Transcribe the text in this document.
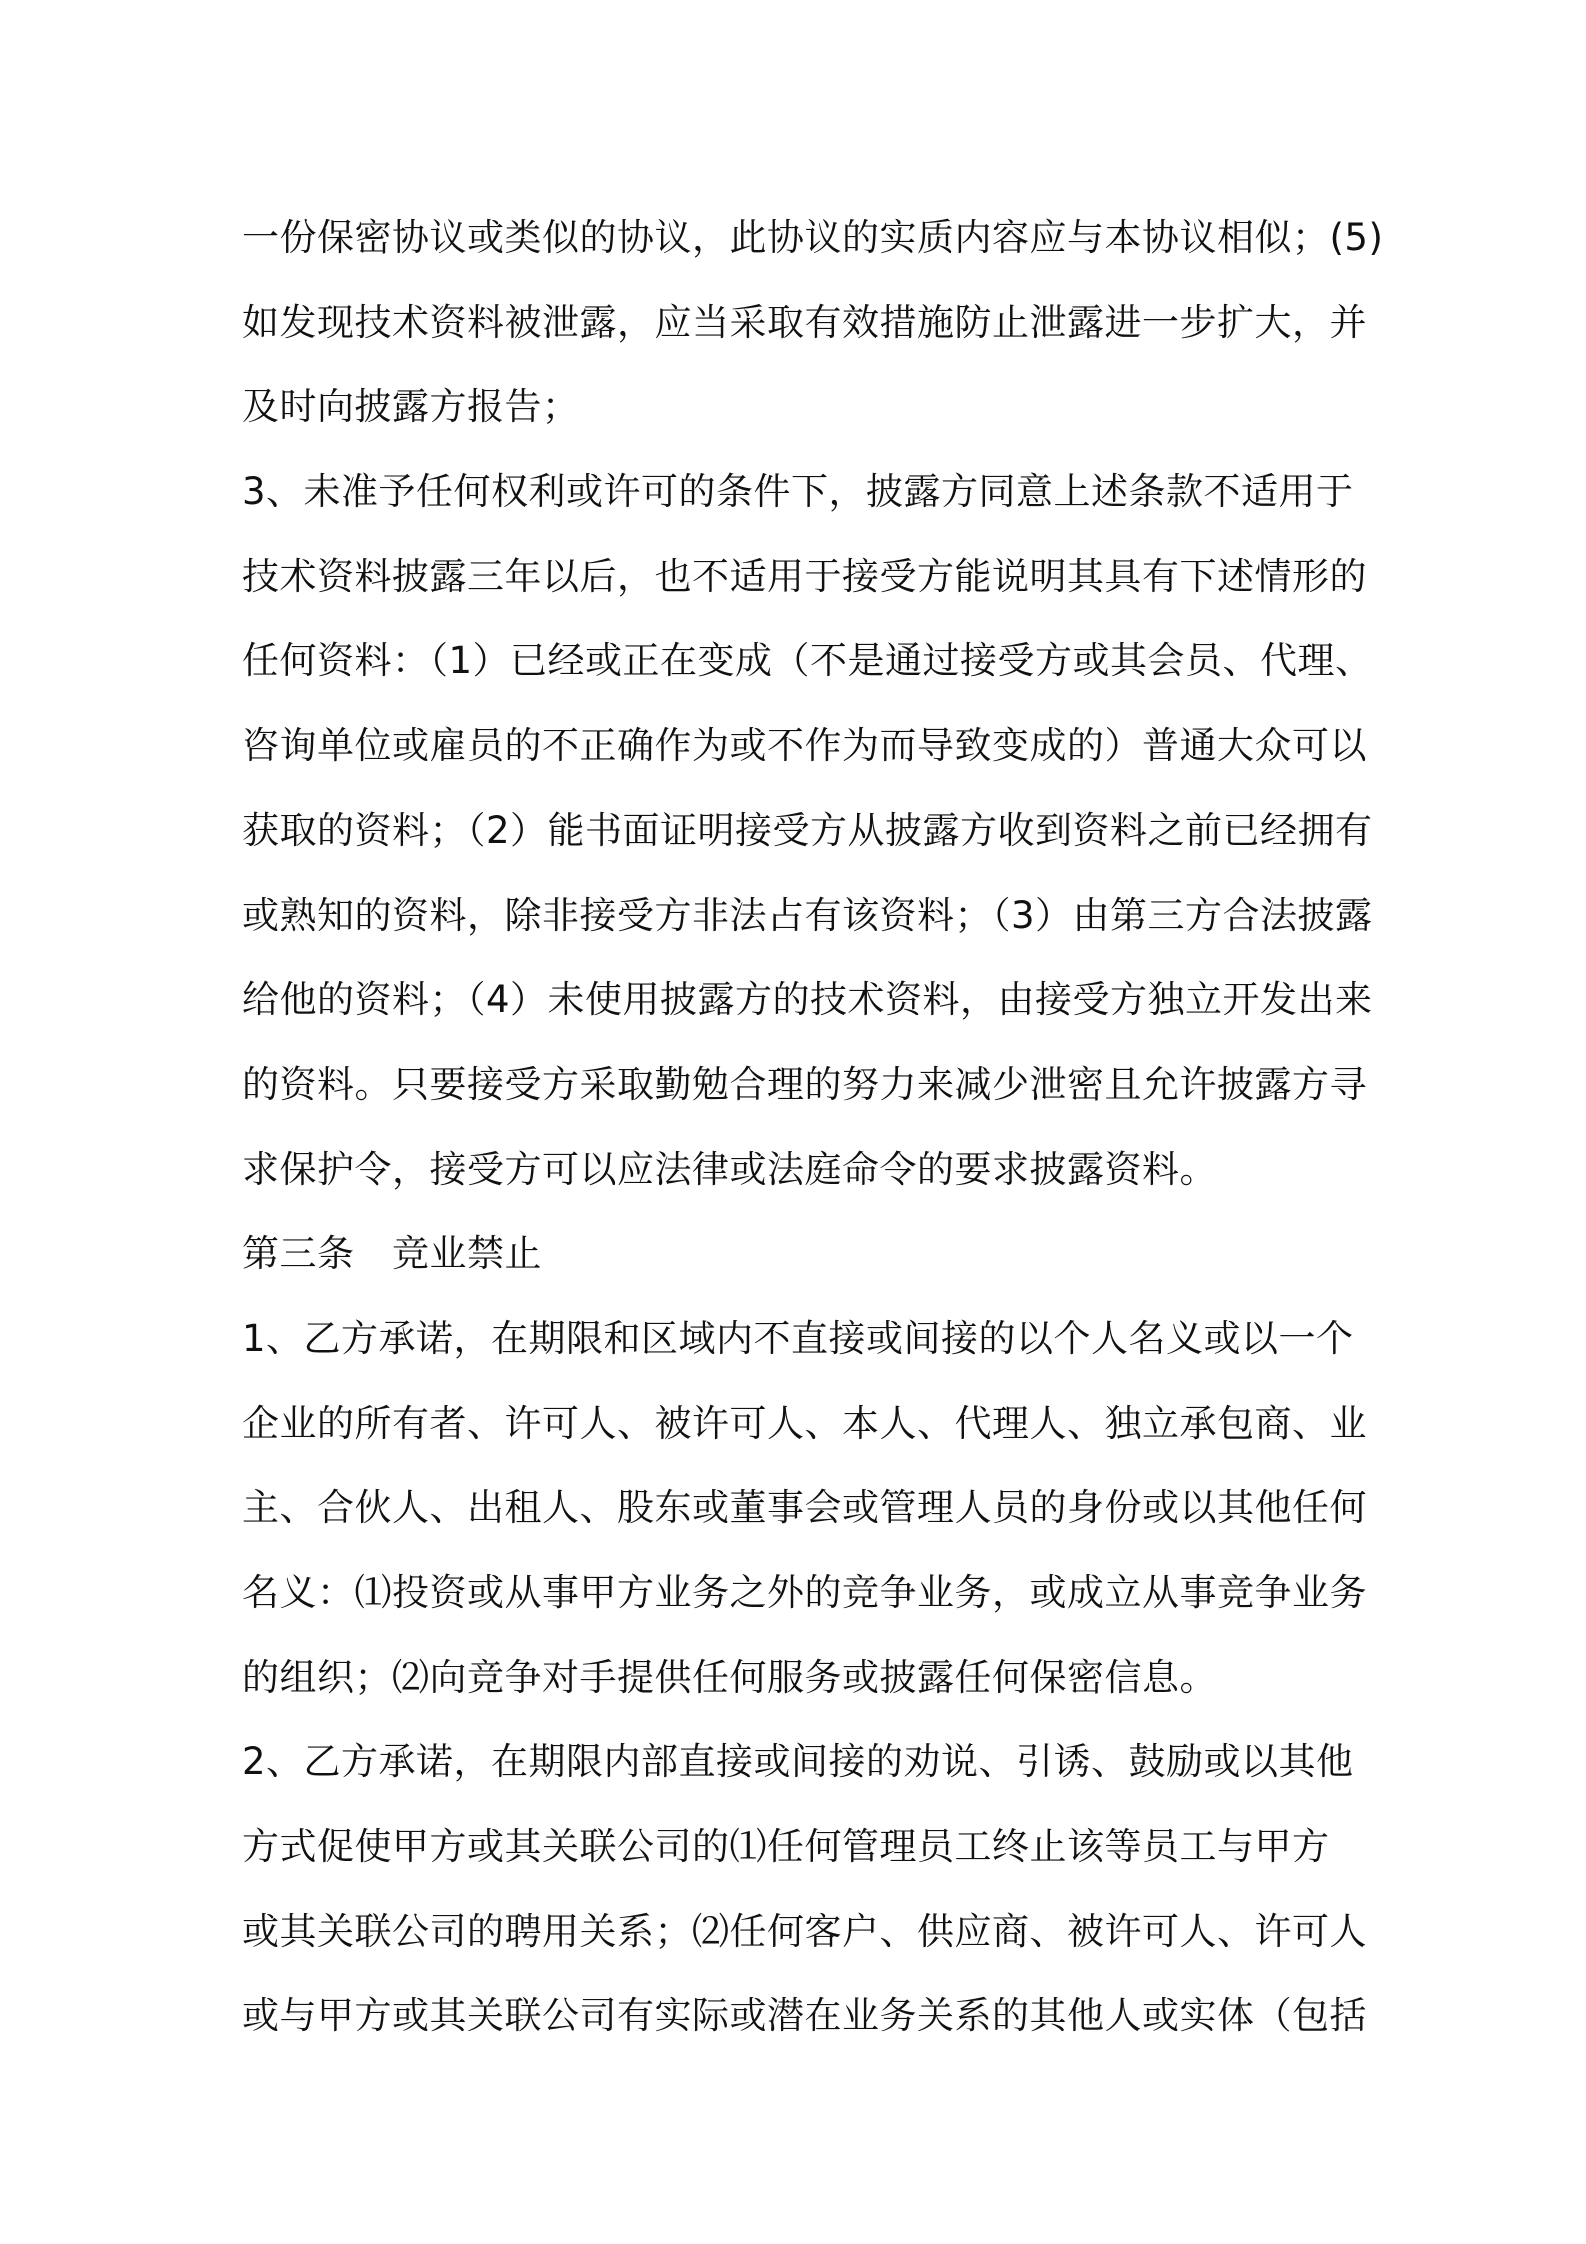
一份保密协议或类似的协议，此协议的实质内容应与本协议相似；(5)
如发现技术资料被泄露，应当采取有效措施防止泄露进一步扩大，并
及时向披露方报告；
3、未准予任何权利或许可的条件下，披露方同意上述条款不适用于
技术资料披露三年以后，也不适用于接受方能说明其具有下述情形的
任何资料：（1）已经或正在变成（不是通过接受方或其会员、代理、
咨询单位或雇员的不正确作为或不作为而导致变成的）普通大众可以
获取的资料；（2）能书面证明接受方从披露方收到资料之前已经拥有
或熟知的资料，除非接受方非法占有该资料；（3）由第三方合法披露
给他的资料；（4）未使用披露方的技术资料，由接受方独立开发出来
的资料。只要接受方采取勤勉合理的努力来减少泄密且允许披露方寻
求保护令，接受方可以应法律或法庭命令的要求披露资料。
第三条　竞业禁止
1、乙方承诺，在期限和区域内不直接或间接的以个人名义或以一个
企业的所有者、许可人、被许可人、本人、代理人、独立承包商、业
主、合伙人、出租人、股东或董事会或管理人员的身份或以其他任何
名义：⑴投资或从事甲方业务之外的竞争业务，或成立从事竞争业务
的组织；⑵向竞争对手提供任何服务或披露任何保密信息。
2、乙方承诺，在期限内部直接或间接的劝说、引诱、鼓励或以其他
方式促使甲方或其关联公司的⑴任何管理员工终止该等员工与甲方
或其关联公司的聘用关系；⑵任何客户、供应商、被许可人、许可人
或与甲方或其关联公司有实际或潜在业务关系的其他人或实体（包括
